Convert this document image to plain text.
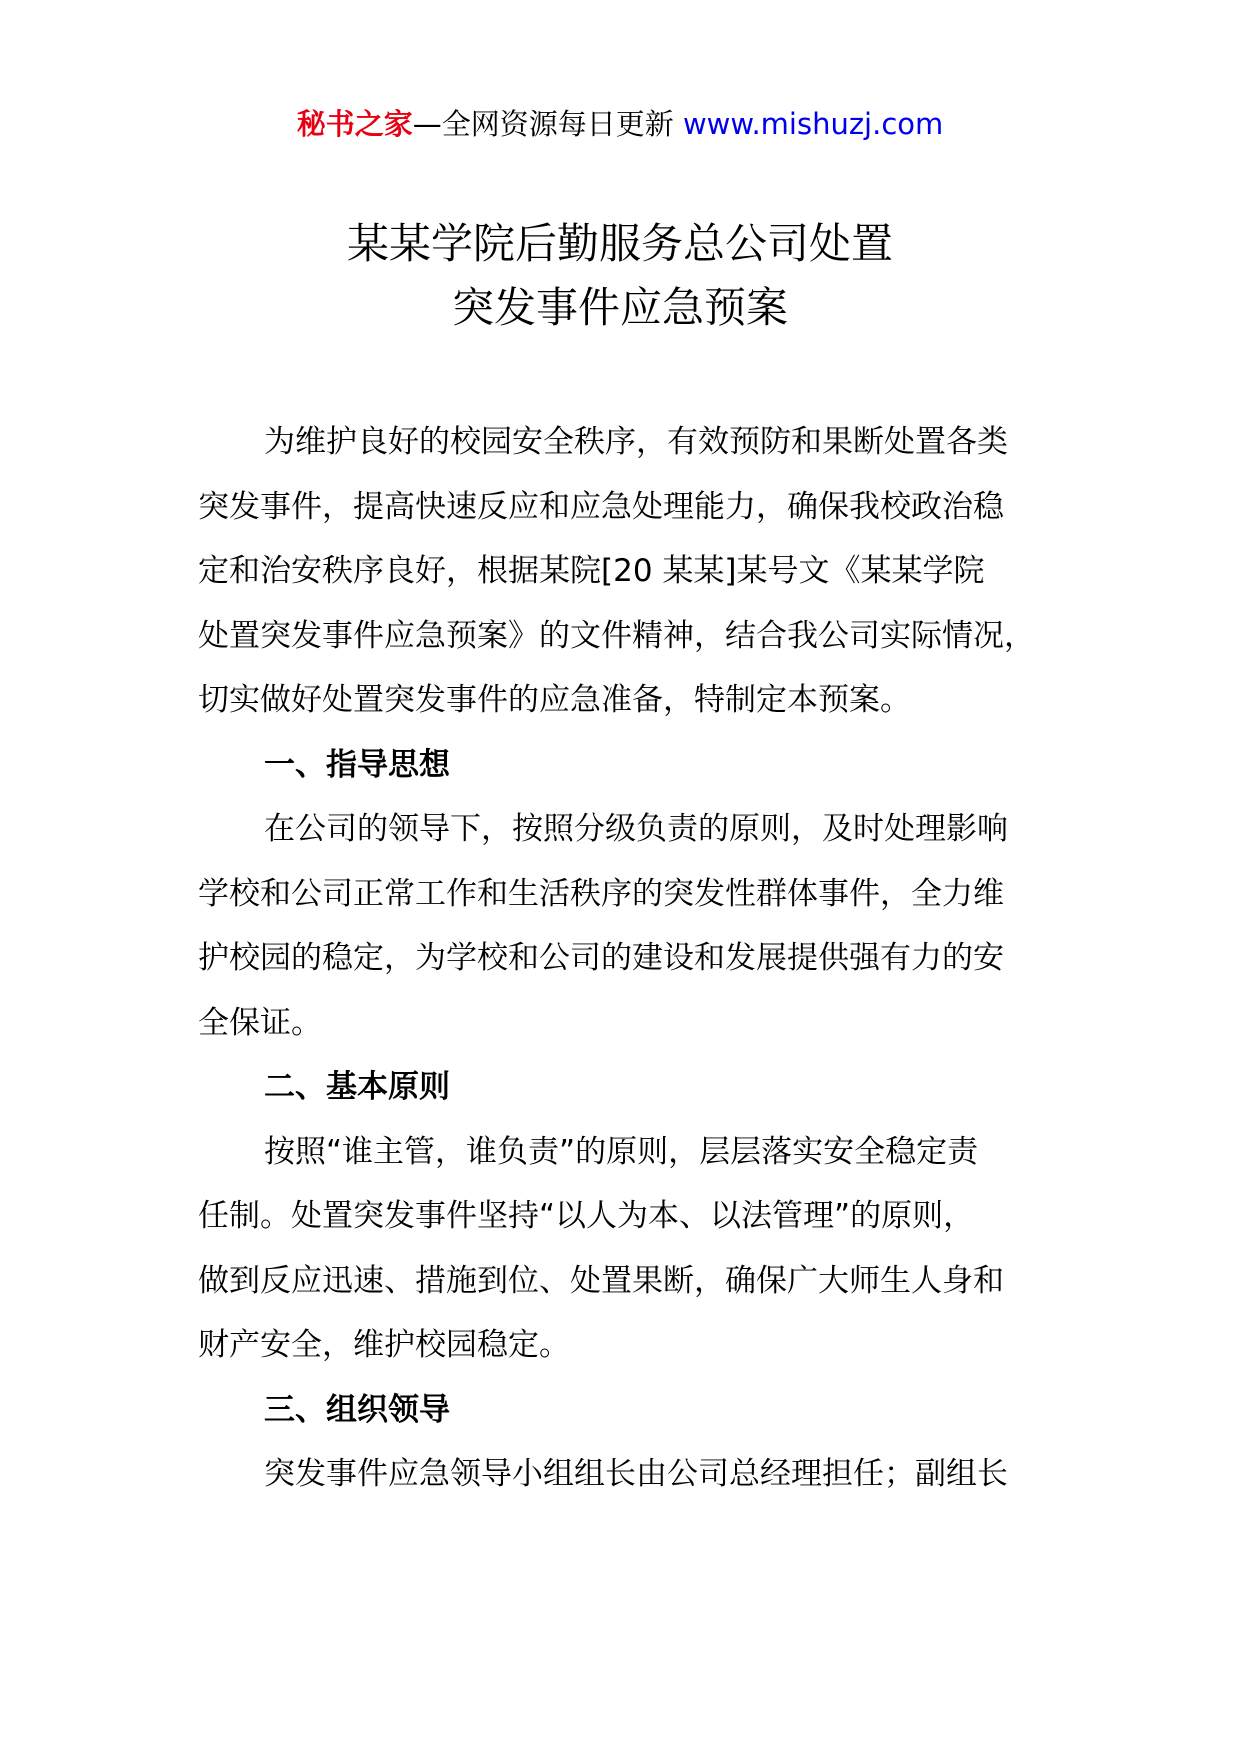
秘书之家—全网资源每日更新 www.mishuzj.com
某某学院后勤服务总公司处置
突发事件应急预案
为维护良好的校园安全秩序，有效预防和果断处置各类
突发事件，提高快速反应和应急处理能力，确保我校政治稳
定和治安秩序良好，根据某院[20 某某]某号文《某某学院
处置突发事件应急预案》的文件精神，结合我公司实际情况，
切实做好处置突发事件的应急准备，特制定本预案。
一、指导思想
在公司的领导下，按照分级负责的原则，及时处理影响
学校和公司正常工作和生活秩序的突发性群体事件，全力维
护校园的稳定，为学校和公司的建设和发展提供强有力的安
全保证。
二、基本原则
按照“谁主管，谁负责”的原则，层层落实安全稳定责
任制。处置突发事件坚持“以人为本、以法管理”的原则，
做到反应迅速、措施到位、处置果断，确保广大师生人身和
财产安全，维护校园稳定。
三、组织领导
突发事件应急领导小组组长由公司总经理担任；副组长
